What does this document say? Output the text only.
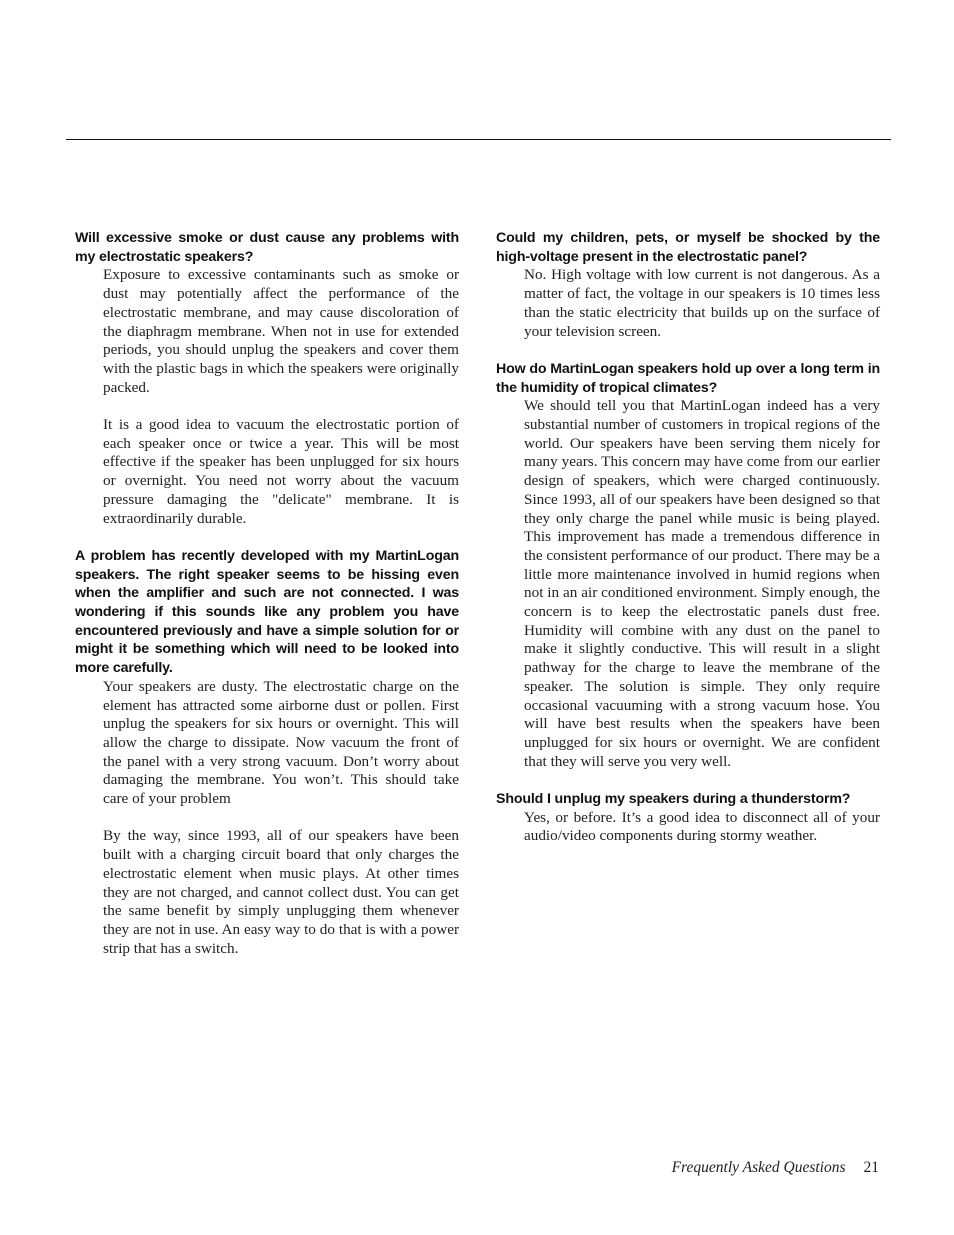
Will excessive smoke or dust cause any problems with my electrostatic speakers?

Exposure to excessive contaminants such as smoke or dust may potentially affect the performance of the electrostatic membrane, and may cause discoloration of the diaphragm membrane. When not in use for extended periods, you should unplug the speakers and cover them with the plastic bags in which the speakers were originally packed.

It is a good idea to vacuum the electrostatic portion of each speaker once or twice a year. This will be most effective if the speaker has been unplugged for six hours or overnight. You need not worry about the vacuum pressure damaging the "delicate" membrane. It is extraordinarily durable.

A problem has recently developed with my MartinLogan speakers. The right speaker seems to be hissing even when the amplifier and such are not connected. I was wondering if this sounds like any problem you have encountered previously and have a simple solution for or might it be something which will need to be looked into more carefully.

Your speakers are dusty. The electrostatic charge on the element has attracted some airborne dust or pollen. First unplug the speakers for six hours or overnight. This will allow the charge to dissipate. Now vacuum the front of the panel with a very strong vacuum. Don’t worry about damaging the membrane. You won’t. This should take care of your problem

By the way, since 1993, all of our speakers have been built with a charging circuit board that only charges the electrostatic element when music plays. At other times they are not charged, and cannot collect dust. You can get the same benefit by simply unplugging them whenever they are not in use. An easy way to do that is with a power strip that has a switch.

Could my children, pets, or myself be shocked by the high-voltage present in the electrostatic panel?

No. High voltage with low current is not dangerous. As a matter of fact, the voltage in our speakers is 10 times less than the static electricity that builds up on the surface of your television screen.

How do MartinLogan speakers hold up over a long term in the humidity of tropical climates?

We should tell you that MartinLogan indeed has a very substantial number of customers in tropical regions of the world. Our speakers have been serving them nicely for many years. This concern may have come from our earlier design of speakers, which were charged continuously. Since 1993, all of our speakers have been designed so that they only charge the panel while music is being played. This improvement has made a tremendous difference in the consistent performance of our product. There may be a little more maintenance involved in humid regions when not in an air conditioned environment. Simply enough, the concern is to keep the electrostatic panels dust free. Humidity will combine with any dust on the panel to make it slightly conductive. This will result in a slight pathway for the charge to leave the membrane of the speaker. The solution is simple. They only require occasional vacuuming with a strong vacuum hose. You will have best results when the speakers have been unplugged for six hours or overnight. We are confident that they will serve you very well.

Should I unplug my speakers during a thunderstorm?

Yes, or before. It’s a good idea to disconnect all of your audio/video components during stormy weather.

Frequently Asked Questions 21
